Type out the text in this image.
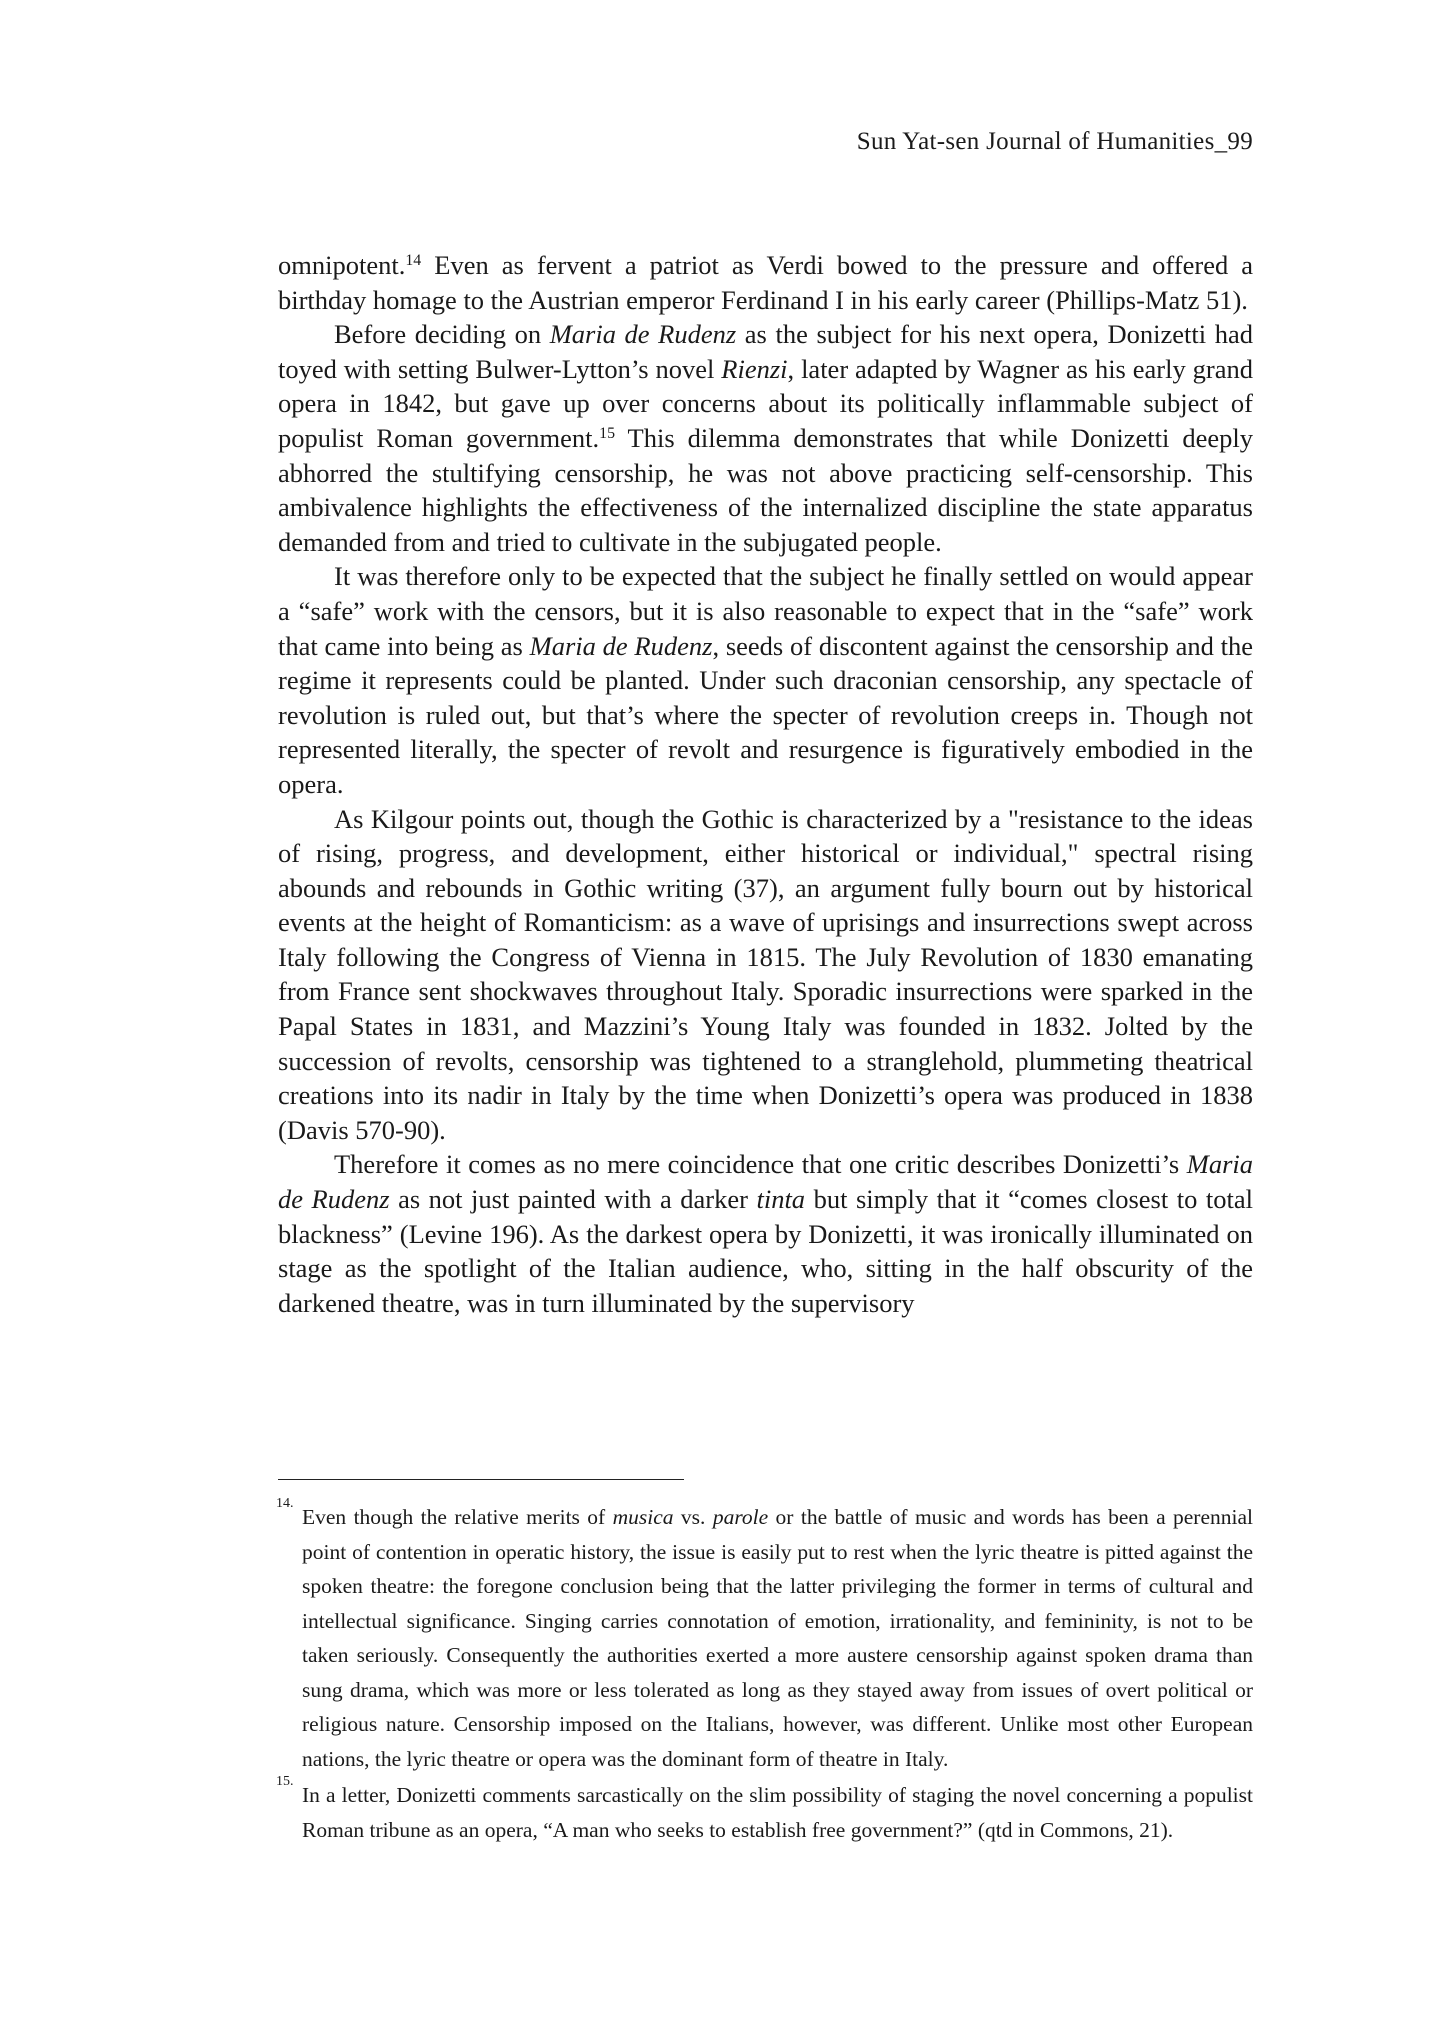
Sun Yat-sen Journal of Humanities_99

omnipotent.$^{14}$ Even as fervent a patriot as Verdi bowed to the pressure and offered a birthday homage to the Austrian emperor Ferdinand I in his early career (Phillips-Matz 51).

Before deciding on Maria de Rudenz as the subject for his next opera, Donizetti had toyed with setting Bulwer-Lytton’s novel Rienzi, later adapted by Wagner as his early grand opera in 1842, but gave up over concerns about its politically inflammable subject of populist Roman government.$^{15}$ This dilemma demonstrates that while Donizetti deeply abhorred the stultifying censorship, he was not above practicing self-censorship. This ambivalence highlights the effectiveness of the internalized discipline the state apparatus demanded from and tried to cultivate in the subjugated people.

It was therefore only to be expected that the subject he finally settled on would appear a “safe” work with the censors, but it is also reasonable to expect that in the “safe” work that came into being as Maria de Rudenz, seeds of discontent against the censorship and the regime it represents could be planted. Under such draconian censorship, any spectacle of revolution is ruled out, but that’s where the specter of revolution creeps in. Though not represented literally, the specter of revolt and resurgence is figuratively embodied in the opera.

As Kilgour points out, though the Gothic is characterized by a "resistance to the ideas of rising, progress, and development, either historical or individual," spectral rising abounds and rebounds in Gothic writing (37), an argument fully bourn out by historical events at the height of Romanticism: as a wave of uprisings and insurrections swept across Italy following the Congress of Vienna in 1815. The July Revolution of 1830 emanating from France sent shockwaves throughout Italy. Sporadic insurrections were sparked in the Papal States in 1831, and Mazzini’s Young Italy was founded in 1832. Jolted by the succession of revolts, censorship was tightened to a stranglehold, plummeting theatrical creations into its nadir in Italy by the time when Donizetti’s opera was produced in 1838 (Davis 570-90).

Therefore it comes as no mere coincidence that one critic describes Donizetti’s Maria de Rudenz as not just painted with a darker tinta but simply that it “comes closest to total blackness” (Levine 196). As the darkest opera by Donizetti, it was ironically illuminated on stage as the spotlight of the Italian audience, who, sitting in the half obscurity of the darkened theatre, was in turn illuminated by the supervisory

14.
Even though the relative merits of musica vs. parole or the battle of music and words has been a perennial point of contention in operatic history, the issue is easily put to rest when the lyric theatre is pitted against the spoken theatre: the foregone conclusion being that the latter privileging the former in terms of cultural and intellectual significance. Singing carries connotation of emotion, irrationality, and femininity, is not to be taken seriously. Consequently the authorities exerted a more austere censorship against spoken drama than sung drama, which was more or less tolerated as long as they stayed away from issues of overt political or religious nature. Censorship imposed on the Italians, however, was different. Unlike most other European nations, the lyric theatre or opera was the dominant form of theatre in Italy.
15.
In a letter, Donizetti comments sarcastically on the slim possibility of staging the novel concerning a populist Roman tribune as an opera, “A man who seeks to establish free government?” (qtd in Commons, 21).
